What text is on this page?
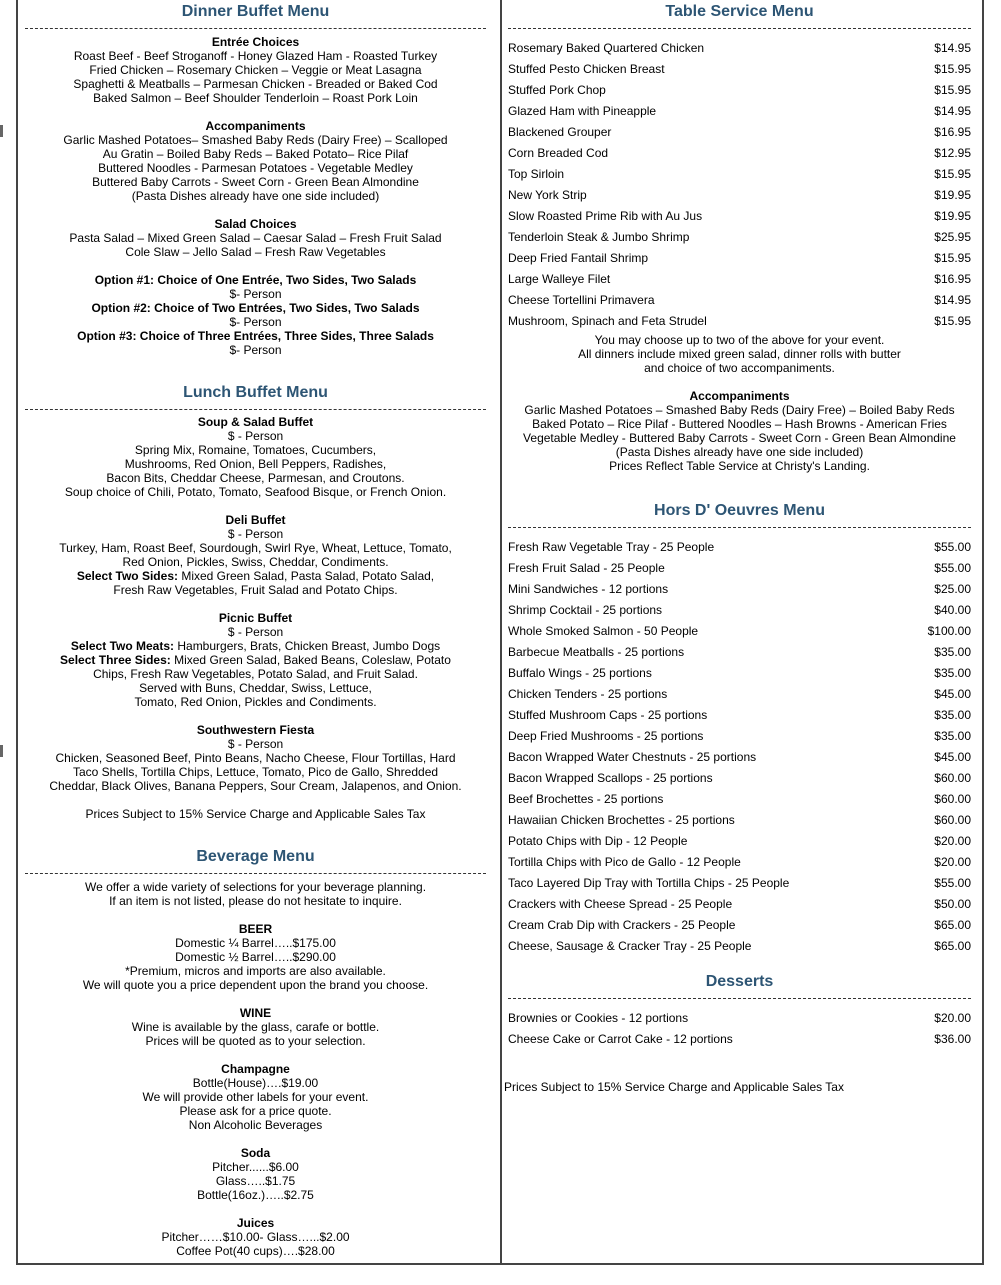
Dinner Buffet Menu
Entrée Choices
Roast Beef - Beef Stroganoff - Honey Glazed Ham - Roasted Turkey
Fried Chicken – Rosemary Chicken – Veggie or Meat Lasagna
Spaghetti & Meatballs – Parmesan Chicken - Breaded or Baked Cod
Baked Salmon – Beef Shoulder Tenderloin – Roast Pork Loin
Accompaniments
Garlic Mashed Potatoes– Smashed Baby Reds (Dairy Free) – Scalloped
Au Gratin – Boiled Baby Reds – Baked Potato– Rice Pilaf
Buttered Noodles - Parmesan Potatoes - Vegetable Medley
Buttered Baby Carrots - Sweet Corn - Green Bean Almondine
(Pasta Dishes already have one side included)
Salad Choices
Pasta Salad – Mixed Green Salad – Caesar Salad – Fresh Fruit Salad
Cole Slaw – Jello Salad – Fresh Raw Vegetables
Option #1: Choice of One Entrée, Two Sides, Two Salads
$- Person
Option #2: Choice of Two Entrées, Two Sides, Two Salads
$- Person
Option #3: Choice of Three Entrées, Three Sides, Three Salads
$- Person
Lunch Buffet Menu
Soup & Salad Buffet
$ - Person
Spring Mix, Romaine, Tomatoes, Cucumbers,
Mushrooms, Red Onion, Bell Peppers, Radishes,
Bacon Bits, Cheddar Cheese, Parmesan, and Croutons.
Soup choice of Chili, Potato, Tomato, Seafood Bisque, or French Onion.
Deli Buffet
$ - Person
Turkey, Ham, Roast Beef, Sourdough, Swirl Rye, Wheat, Lettuce, Tomato,
Red Onion, Pickles, Swiss, Cheddar, Condiments.
Select Two Sides: Mixed Green Salad, Pasta Salad, Potato Salad,
Fresh Raw Vegetables, Fruit Salad and Potato Chips.
Picnic Buffet
$ - Person
Select Two Meats: Hamburgers, Brats, Chicken Breast, Jumbo Dogs
Select Three Sides: Mixed Green Salad, Baked Beans, Coleslaw, Potato
Chips, Fresh Raw Vegetables, Potato Salad, and Fruit Salad.
Served with Buns, Cheddar, Swiss, Lettuce,
Tomato, Red Onion, Pickles and Condiments.
Southwestern Fiesta
$ - Person
Chicken, Seasoned Beef, Pinto Beans, Nacho Cheese, Flour Tortillas, Hard
Taco Shells, Tortilla Chips, Lettuce, Tomato, Pico de Gallo, Shredded
Cheddar, Black Olives, Banana Peppers, Sour Cream, Jalapenos, and Onion.
Prices Subject to 15% Service Charge and Applicable Sales Tax
Beverage Menu
We offer a wide variety of selections for your beverage planning.
If an item is not listed, please do not hesitate to inquire.
BEER
Domestic ¼ Barrel…..$175.00
Domestic ½ Barrel…..$290.00
*Premium, micros and imports are also available.
We will quote you a price dependent upon the brand you choose.
WINE
Wine is available by the glass, carafe or bottle.
Prices will be quoted as to your selection.
Champagne
Bottle(House)….$19.00
We will provide other labels for your event.
Please ask for a price quote.
Non Alcoholic Beverages
Soda
Pitcher......$6.00
Glass…..$1.75
Bottle(16oz.)…..$2.75
Juices
Pitcher……$10.00- Glass…...$2.00
Coffee Pot(40 cups)….$28.00
Table Service Menu
Rosemary Baked Quartered Chicken	$14.95
Stuffed Pesto Chicken Breast	$15.95
Stuffed Pork Chop	$15.95
Glazed Ham with Pineapple	$14.95
Blackened Grouper	$16.95
Corn Breaded Cod	$12.95
Top Sirloin	$15.95
New York Strip	$19.95
Slow Roasted Prime Rib with Au Jus	$19.95
Tenderloin Steak & Jumbo Shrimp	$25.95
Deep Fried Fantail Shrimp	$15.95
Large Walleye Filet	$16.95
Cheese Tortellini Primavera	$14.95
Mushroom, Spinach and Feta Strudel	$15.95
You may choose up to two of the above for your event.
All dinners include mixed green salad, dinner rolls with butter
and choice of two accompaniments.
Accompaniments
Garlic Mashed Potatoes – Smashed Baby Reds (Dairy Free) – Boiled Baby Reds
Baked Potato – Rice Pilaf - Buttered Noodles – Hash Browns - American Fries
Vegetable Medley - Buttered Baby Carrots - Sweet Corn - Green Bean Almondine
(Pasta Dishes already have one side included)
Prices Reflect Table Service at Christy's Landing.
Hors D' Oeuvres Menu
Fresh Raw Vegetable Tray - 25 People	$55.00
Fresh Fruit Salad - 25 People	$55.00
Mini Sandwiches - 12 portions	$25.00
Shrimp Cocktail - 25 portions	$40.00
Whole Smoked Salmon - 50 People	$100.00
Barbecue Meatballs - 25 portions	$35.00
Buffalo Wings - 25 portions	$35.00
Chicken Tenders - 25 portions	$45.00
Stuffed Mushroom Caps - 25 portions	$35.00
Deep Fried Mushrooms - 25 portions	$35.00
Bacon Wrapped Water Chestnuts - 25 portions	$45.00
Bacon Wrapped Scallops - 25 portions	$60.00
Beef Brochettes - 25 portions	$60.00
Hawaiian Chicken Brochettes - 25 portions	$60.00
Potato Chips with Dip - 12 People	$20.00
Tortilla Chips with Pico de Gallo - 12 People	$20.00
Taco Layered Dip Tray with Tortilla Chips - 25 People	$55.00
Crackers with Cheese Spread - 25 People	$50.00
Cream Crab Dip with Crackers - 25 People	$65.00
Cheese, Sausage & Cracker Tray - 25 People	$65.00
Desserts
Brownies or Cookies - 12 portions	$20.00
Cheese Cake or Carrot Cake - 12 portions	$36.00
Prices Subject to 15% Service Charge and Applicable Sales Tax
